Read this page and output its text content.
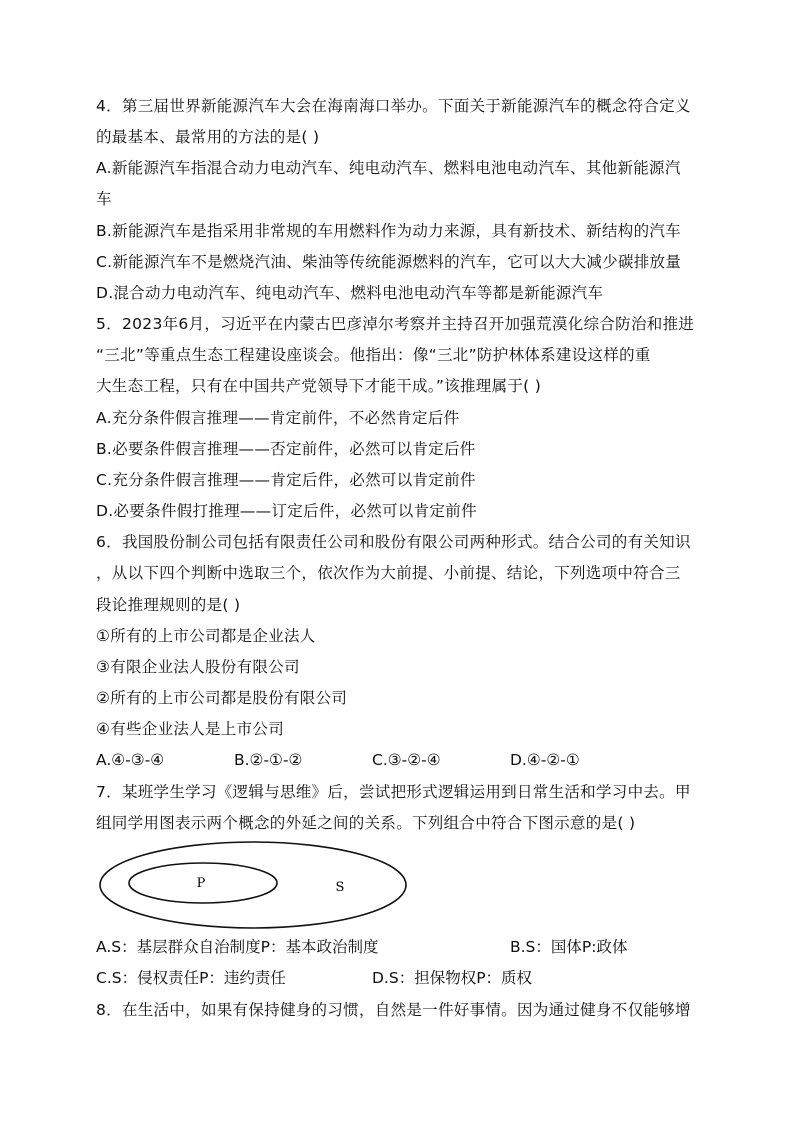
4．第三届世界新能源汽车大会在海南海口举办。下面关于新能源汽车的概念符合定义
的最基本、最常用的方法的是( )
A.新能源汽车指混合动力电动汽车、纯电动汽车、燃料电池电动汽车、其他新能源汽
车
B.新能源汽车是指采用非常规的车用燃料作为动力来源，具有新技术、新结构的汽车
C.新能源汽车不是燃烧汽油、柴油等传统能源燃料的汽车，它可以大大减少碳排放量
D.混合动力电动汽车、纯电动汽车、燃料电池电动汽车等都是新能源汽车
5．2023年6月，习近平在内蒙古巴彦淖尔考察并主持召开加强荒漠化综合防治和推进
“三北”等重点生态工程建设座谈会。他指出：像“三北”防护林体系建设这样的重
大生态工程，只有在中国共产党领导下才能干成。”该推理属于( )
A.充分条件假言推理——肯定前件，不必然肯定后件
B.必要条件假言推理——否定前件，必然可以肯定后件
C.充分条件假言推理——肯定后件，必然可以肯定前件
D.必要条件假打推理——订定后件，必然可以肯定前件
6．我国股份制公司包括有限责任公司和股份有限公司两种形式。结合公司的有关知识
，从以下四个判断中选取三个，依次作为大前提、小前提、结论，下列选项中符合三
段论推理规则的是( )
①所有的上市公司都是企业法人
③有限企业法人股份有限公司
②所有的上市公司都是股份有限公司
④有些企业法人是上市公司
A.④-③-④	B.②-①-②	C.③-②-④	D.④-②-①
7．某班学生学习《逻辑与思维》后，尝试把形式逻辑运用到日常生活和学习中去。甲
组同学用图表示两个概念的外延之间的关系。下列组合中符合下图示意的是( )
P	S
A.S：基层群众自治制度P：基本政治制度	B.S：国体P:政体
C.S：侵权责任P：违约责任	D.S：担保物权P：质权
8．在生活中，如果有保持健身的习惯，自然是一件好事情。因为通过健身不仅能够增
